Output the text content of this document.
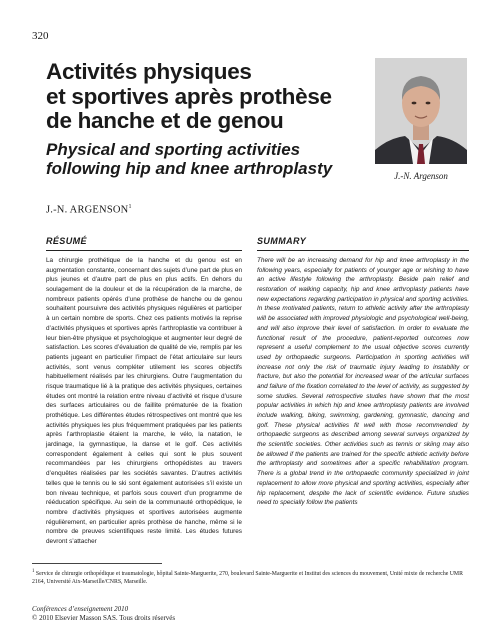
320
Activités physiques
et sportives après prothèse
de hanche et de genou
Physical and sporting activities
following hip and knee arthroplasty	J.-N. Argenson
J.-N. ARGENSON$^1$
RÉSUMÉ

La chirurgie prothétique de la hanche et du genou est en augmentation constante, concernant des sujets d’une part de plus en plus jeunes et d’autre part de plus en plus actifs. En dehors du soulagement de la douleur et de la récupération de la marche, de nombreux patients opérés d’une prothèse de hanche ou de genou souhaitent poursuivre des activités physiques régulières et participer à un certain nombre de sports. Chez ces patients motivés la reprise d’activités physiques et sportives après l’arthroplastie va contribuer à leur bien-être physique et psychologique et augmenter leur degré de satisfaction. Les scores d’évaluation de qualité de vie, remplis par les patients jugeant en particulier l’impact de l’état articulaire sur leurs activités, sont venus compléter utilement les scores objectifs habituellement réalisés par les chirurgiens. Outre l’augmentation du risque traumatique lié à la pratique des activités physiques, certaines études ont montré la relation entre niveau d’activité et risque d’usure des surfaces articulaires ou de faillite prématurée de la fixation prothétique. Les différentes études rétrospectives ont montré que les activités physiques les plus fréquemment pratiquées par les patients après l’arthroplastie étaient la marche, le vélo, la natation, le jardinage, la gymnastique, la danse et le golf. Ces activités correspondent également à celles qui sont le plus souvent recommandées par les chirurgiens orthopédistes au travers d’enquêtes réalisées par les sociétés savantes. D’autres activités telles que le tennis ou le ski sont également autorisées s’il existe un bon niveau technique, et parfois sous couvert d’un programme de rééducation spécifique. Au sein de la communauté orthopédique, le nombre d’activités physiques et sportives autorisées augmente régulièrement, en particulier après prothèse de hanche, même si le nombre de preuves scientifiques reste limité. Les études futures devront s’attacher

SUMMARY

There will be an increasing demand for hip and knee arthroplasty in the following years, especially for patients of younger age or wishing to have an active lifestyle following the arthroplasty. Beside pain relief and restoration of walking capacity, hip and knee arthroplasty patients have new expectations regarding participation in physical and sporting activities. In these motivated patients, return to athletic activity after the arthroplasty will be associated with improved physiologic and psychological well-being, and will also improve their level of satisfaction. In order to evaluate the functional result of the procedure, patient-reported outcomes now represent a useful complement to the usual objective scores currently used by orthopaedic surgeons. Participation in sporting activities will increase not only the risk of traumatic injury leading to instability or fracture, but also the potential for increased wear of the articular surfaces and failure of the fixation correlated to the level of activity, as suggested by some studies. Several retrospective studies have shown that the most popular activities in which hip and knee arthroplasty patients are involved include walking, biking, swimming, gardening, gymnastic, dancing and golf. These physical activities fit well with those recommended by orthopaedic surgeons as described among several surveys organized by the scientific societies. Other activities such as tennis or skiing may also be allowed if the patients are trained for the specific athletic activity before the arthroplasty and sometimes after a specific rehabilitation program. There is a global trend in the orthopaedic community specialized in joint replacement to allow more physical and sporting activities, especially after hip replacement, despite the lack of scientific evidence. Future studies need to specially follow the patients

$^1$ Service de chirurgie orthopédique et traumatologie, hôpital Sainte-Marguerite, 270, boulevard Sainte-Marguerite et Institut des sciences du mouvement, Unité mixte de recherche UMR 2164, Université Aix-Marseille/CNRS, Marseille.

Conférences d’enseignement 2010
© 2010 Elsevier Masson SAS. Tous droits réservés
